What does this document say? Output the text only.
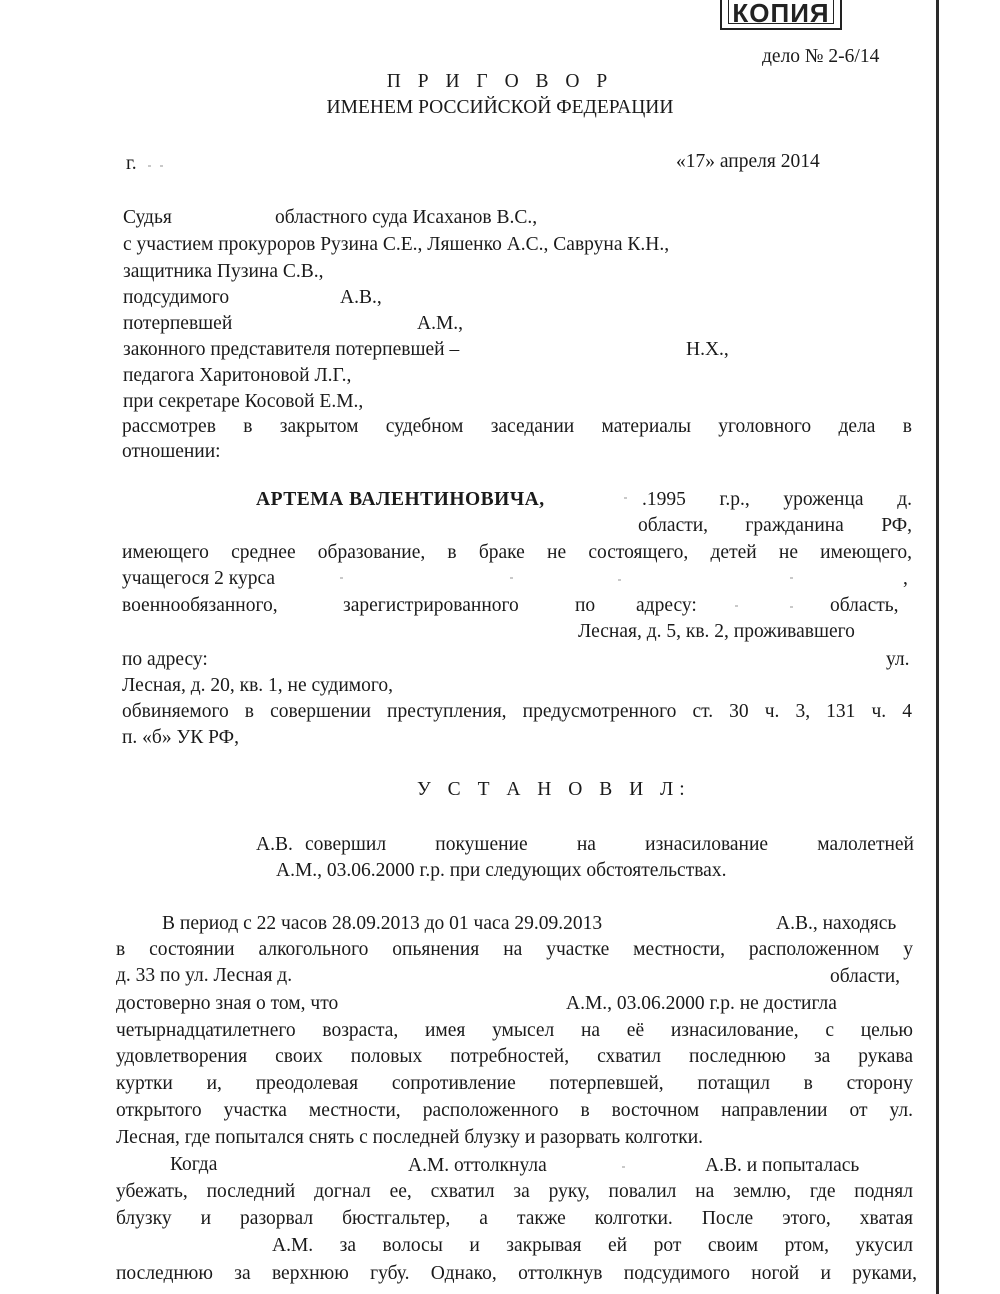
КОПИЯ
дело № 2-6/14
П Р И Г О В О Р
ИМЕНЕМ РОССИЙСКОЙ ФЕДЕРАЦИИ
г.	«17» апреля 2014
Судья	областного суда Исаханов В.С.,
с участием прокуроров Рузина С.Е., Ляшенко А.С., Савруна К.Н.,
защитника Пузина С.В.,
подсудимого	А.В.,
потерпевшей	А.М.,
законного представителя потерпевшей –	Н.Х.,
педагога Харитоновой Л.Г.,
при секретаре Косовой Е.М.,
рассмотрев в закрытом судебном заседании материалы уголовного дела в
отношении:
АРТЕМА ВАЛЕНТИНОВИЧА,	.1995 г.р., уроженца д.
области, гражданина РФ,
имеющего среднее образование, в браке не состоящего, детей не имеющего,
учащегося 2 курса	,
военнообязанного,	зарегистрированного	по адресу:	область,
Лесная, д. 5, кв. 2, проживавшего
по адресу:	ул.
Лесная, д. 20, кв. 1, не судимого,
обвиняемого в совершении преступления, предусмотренного ст. 30 ч. 3, 131 ч. 4
п. «б» УК РФ,
У С Т А Н О В И Л:
А.В. совершил покушение на изнасилование малолетней
А.М., 03.06.2000 г.р. при следующих обстоятельствах.
В период с 22 часов 28.09.2013 до 01 часа 29.09.2013	А.В., находясь
в состоянии алкогольного опьянения на участке местности, расположенном у
д. 33 по ул. Лесная д.	области,
достоверно зная о том, что	А.М., 03.06.2000 г.р. не достигла
четырнадцатилетнего возраста, имея умысел на её изнасилование, с целью
удовлетворения своих половых потребностей, схватил последнюю за рукава
куртки и, преодолевая сопротивление потерпевшей, потащил в сторону
открытого участка местности, расположенного в восточном направлении от ул.
Лесная, где попытался снять с последней блузку и разорвать колготки.
Когда	А.М. оттолкнула	А.В. и попыталась
убежать, последний догнал ее, схватил за руку, повалил на землю, где поднял
блузку и разорвал бюстгальтер, а также колготки. После этого, хватая
А.М. за волосы и закрывая ей рот своим ртом, укусил
последнюю за верхнюю губу. Однако, оттолкнув подсудимого ногой и руками,
